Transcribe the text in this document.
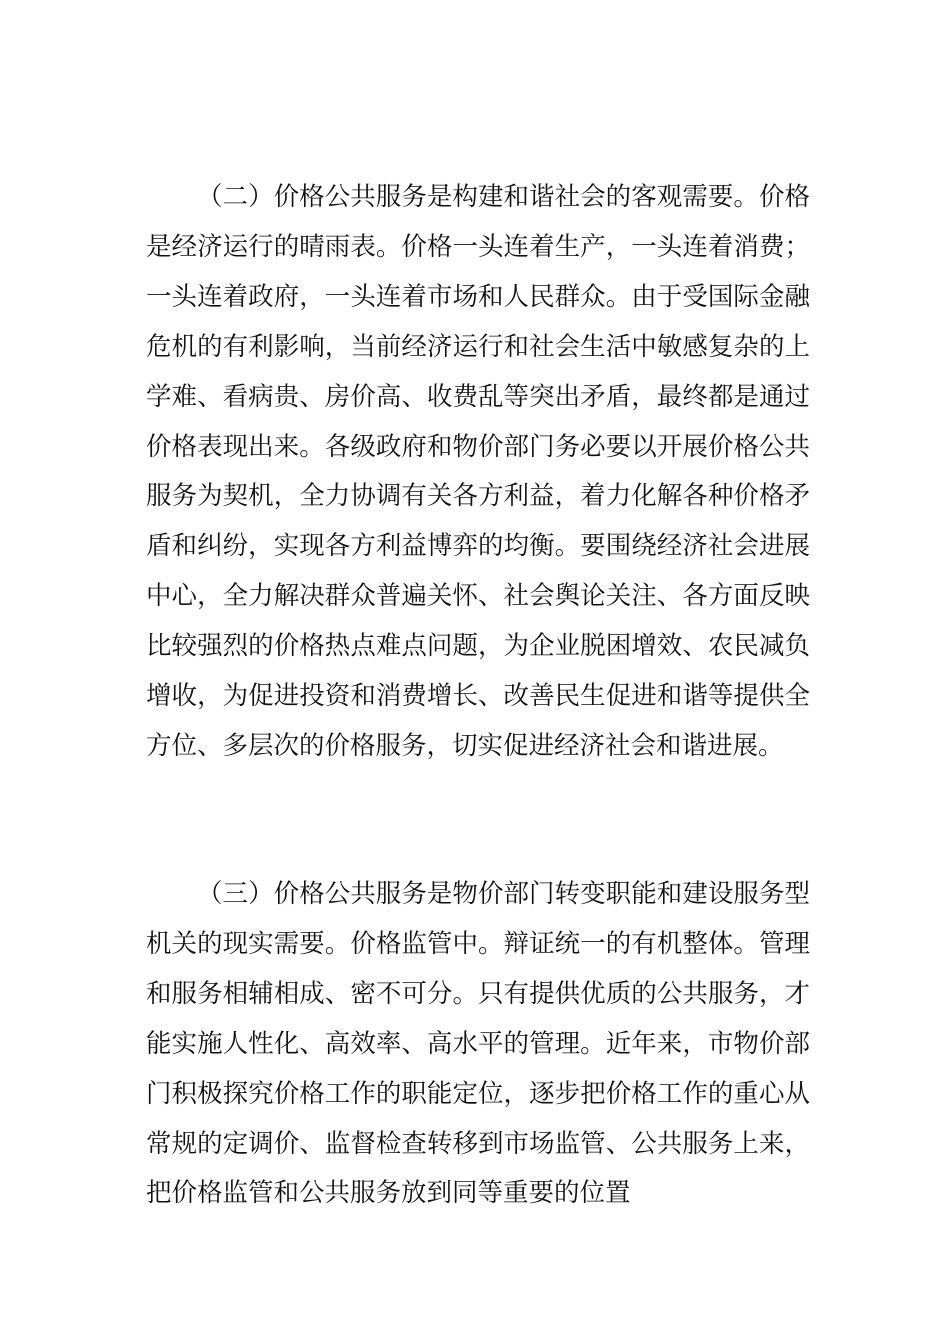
（二）价格公共服务是构建和谐社会的客观需要。价格是经济运行的晴雨表。价格一头连着生产，一头连着消费；一头连着政府，一头连着市场和人民群众。由于受国际金融危机的有利影响，当前经济运行和社会生活中敏感复杂的上学难、看病贵、房价高、收费乱等突出矛盾，最终都是通过价格表现出来。各级政府和物价部门务必要以开展价格公共服务为契机，全力协调有关各方利益，着力化解各种价格矛盾和纠纷，实现各方利益博弈的均衡。要围绕经济社会进展中心，全力解决群众普遍关怀、社会舆论关注、各方面反映比较强烈的价格热点难点问题，为企业脱困增效、农民减负增收，为促进投资和消费增长、改善民生促进和谐等提供全方位、多层次的价格服务，切实促进经济社会和谐进展。

（三）价格公共服务是物价部门转变职能和建设服务型机关的现实需要。价格监管中。辩证统一的有机整体。管理和服务相辅相成、密不可分。只有提供优质的公共服务，才能实施人性化、高效率、高水平的管理。近年来，市物价部门积极探究价格工作的职能定位，逐步把价格工作的重心从常规的定调价、监督检查转移到市场监管、公共服务上来，把价格监管和公共服务放到同等重要的位置
